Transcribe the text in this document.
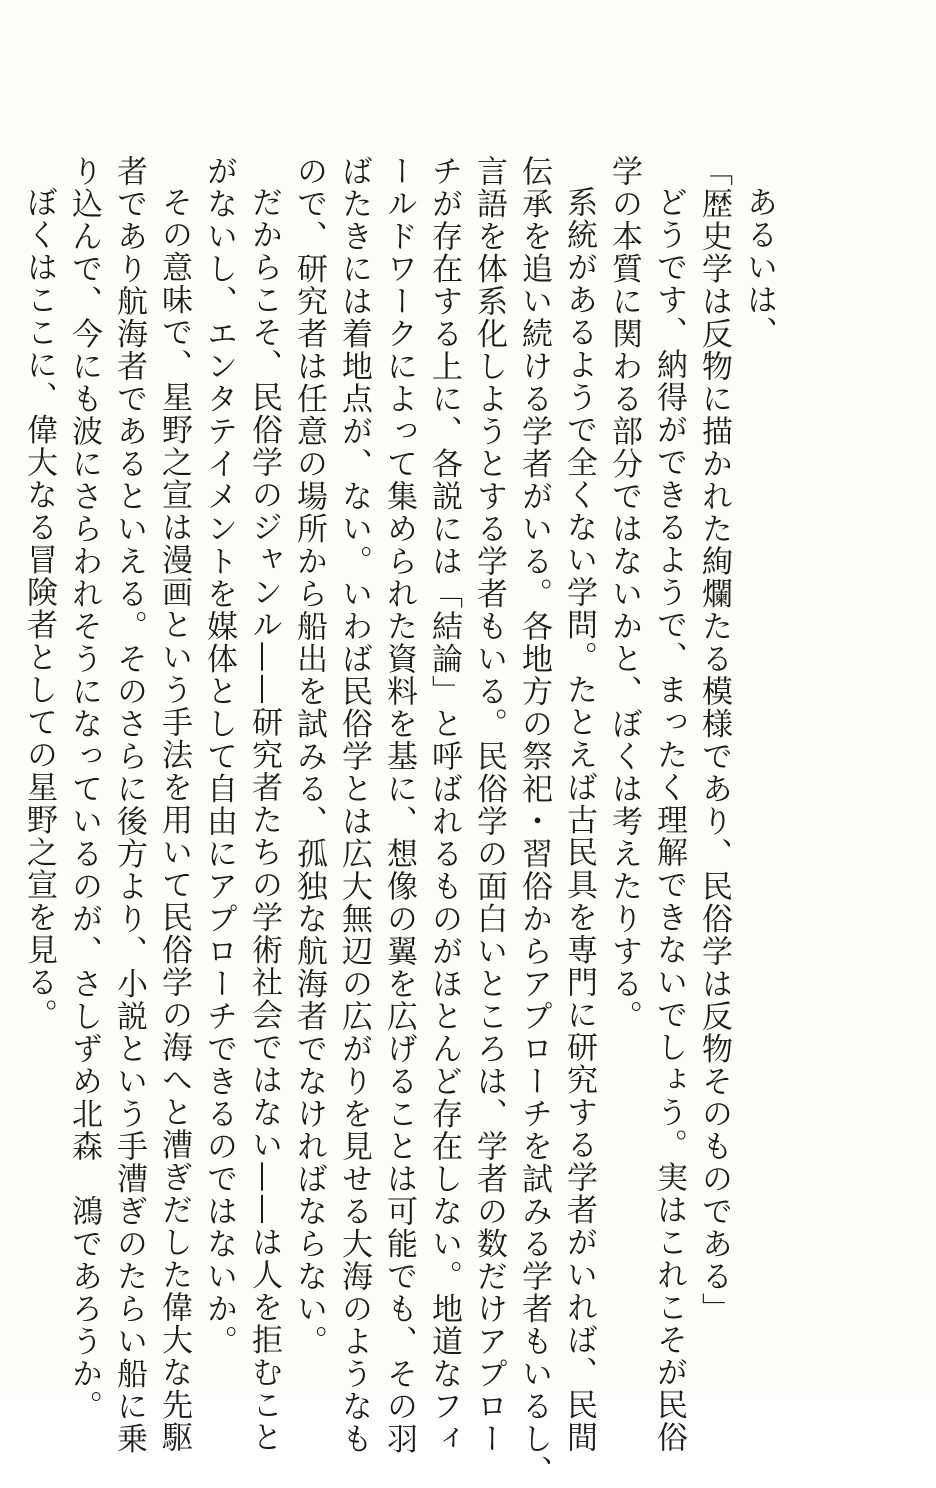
あるいは、
「歴史学は反物に描かれた絢爛たる模様であり、民俗学は反物そのものである」
どうです、納得ができるようで、まったく理解できないでしょう。実はこれこそが民俗
学の本質に関わる部分ではないかと、ぼくは考えたりする。
系統があるようで全くない学問。たとえば古民具を専門に研究する学者がいれば、民間
伝承を追い続ける学者がいる。各地方の祭祀・習俗からアプローチを試みる学者もいるし、
言語を体系化しようとする学者もいる。民俗学の面白いところは、学者の数だけアプロー
チが存在する上に、各説には「結論」と呼ばれるものがほとんど存在しない。地道なフィ
ールドワークによって集められた資料を基に、想像の翼を広げることは可能でも、その羽
ばたきには着地点が、ない。いわば民俗学とは広大無辺の広がりを見せる大海のようなも
ので、研究者は任意の場所から船出を試みる、孤独な航海者でなければならない。
だからこそ、民俗学のジャンル——研究者たちの学術社会ではない——は人を拒むこと
がないし、エンタテイメントを媒体として自由にアプローチできるのではないか。
その意味で、星野之宣は漫画という手法を用いて民俗学の海へと漕ぎだした偉大な先駆
者であり航海者であるといえる。そのさらに後方より、小説という手漕ぎのたらい船に乗
り込んで、今にも波にさらわれそうになっているのが、さしずめ北森　鴻であろうか。
ぼくはここに、偉大なる冒険者としての星野之宣を見る。
